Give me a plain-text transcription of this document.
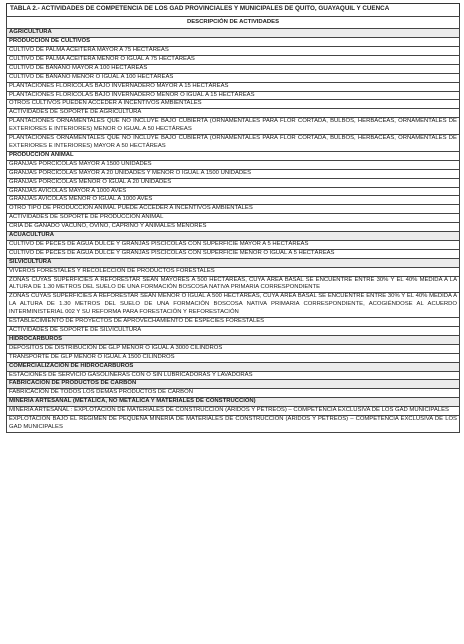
TABLA 2.- ACTIVIDADES DE COMPETENCIA DE LOS GAD PROVINCIALES Y MUNICIPALES DE QUITO, GUAYAQUIL Y CUENCA
DESCRIPCIÓN DE ACTIVIDADES
AGRICULTURA
PRODUCCIÓN DE CULTIVOS
CULTIVO DE PALMA ACEITERA MAYOR A 75 HECTÁREAS
CULTIVO DE PALMA ACEITERA MENOR O IGUAL A 75 HECTÁREAS
CULTIVO DE BANANO MAYOR A 100 HECTÁREAS
CULTIVO DE BANANO MENOR O IGUAL A 100 HECTÁREAS
PLANTACIONES FLORÍCOLAS BAJO INVERNADERO MAYOR A 15 HECTÁREAS
PLANTACIONES FLORÍCOLAS BAJO INVERNADERO MENOR O IGUAL A 15 HECTÁREAS
OTROS CULTIVOS PUEDEN ACCEDER A INCENTIVOS AMBIENTALES
ACTIVIDADES DE SOPORTE DE AGRICULTURA
PLANTACIONES ORNAMENTALES QUE NO INCLUYE BAJO CUBIERTA (ORNAMENTALES PARA FLOR CORTADA, BULBOS, HERBÁCEAS, ORNAMENTALES DE EXTERIORES E INTERIORES) MENOR O IGUAL A 50 HECTÁREAS
PLANTACIONES ORNAMENTALES QUE NO INCLUYE BAJO CUBIERTA (ORNAMENTALES PARA FLOR CORTADA, BULBOS, HERBÁCEAS, ORNAMENTALES DE EXTERIORES E INTERIORES) MAYOR A 50 HECTÁREAS
PRODUCCIÓN ANIMAL
GRANJAS PORCÍCOLAS MAYOR A 1500 UNIDADES
GRANJAS PORCÍCOLAS MAYOR A 20 UNIDADES Y MENOR O IGUAL A 1500 UNIDADES
GRANJAS PORCÍCOLAS MENOR O IGUAL A 20 UNIDADES
GRANJAS AVÍCOLAS MAYOR A 1000 AVES
GRANJAS AVÍCOLAS MENOR O IGUAL A 1000 AVES
OTRO TIPO DE PRODUCCIÓN ANIMAL PUEDE ACCEDER A INCENTIVOS AMBIENTALES
ACTIVIDADES DE SOPORTE DE PRODUCCIÓN ANIMAL
CRÍA DE GANADO VACUNO, OVINO, CAPRINO Y ANIMALES MENORES
ACUACULTURA
CULTIVO DE PECES DE AGUA DULCE Y GRANJAS PISCÍCOLAS CON SUPERFICIE MAYOR A 5 HECTÁREAS
CULTIVO DE PECES DE AGUA DULCE Y GRANJAS PISCÍCOLAS CON SUPERFICIE MENOR O IGUAL A 5 HECTÁREAS
SILVICULTURA
VIVEROS FORESTALES Y RECOLECCIÓN DE PRODUCTOS FORESTALES
ZONAS CUYAS SUPERFICIES A REFORESTAR SEAN MAYORES A 500 HECTÁREAS, CUYA ÁREA BASAL SE ENCUENTRE ENTRE 30% Y EL 40% MEDIDA A LA ALTURA DE 1.30 METROS DEL SUELO DE UNA FORMACIÓN BOSCOSA NATIVA PRIMARIA CORRESPONDIENTE
ZONAS CUYAS SUPERFICIES A REFORESTAR SEAN MENOR O IGUAL A 500 HECTÁREAS, CUYA ÁREA BASAL SE ENCUENTRE ENTRE 30% Y EL 40% MEDIDA A LA ALTURA DE 1.30 METROS DEL SUELO DE UNA FORMACIÓN BOSCOSA NATIVA PRIMARIA CORRESPONDIENTE, ACOGIÉNDOSE AL ACUERDO INTERMINISTERIAL 002 Y SU REFORMA PARA FORESTACIÓN Y REFORESTACIÓN
ESTABLECIMIENTO DE PROYECTOS DE APROVECHAMIENTO DE ESPECIES FORESTALES
ACTIVIDADES DE SOPORTE DE SILVICULTURA
HIDROCARBUROS
DEPÓSITOS DE DISTRIBUCIÓN DE GLP MENOR O IGUAL A 3000 CILINDROS
TRANSPORTE DE GLP MENOR O IGUAL A 1500 CILINDROS
COMERCIALIZACIÓN DE HIDROCARBUROS
ESTACIONES DE SERVICIO GASOLINERAS CON O SIN LUBRICADORAS Y LAVADORAS
FABRICACIÓN DE PRODUCTOS DE CARBÓN
FABRICACIÓN DE TODOS LOS DEMÁS PRODUCTOS DE CARBÓN
MINERÍA ARTESANAL (METÁLICA, NO METÁLICA Y MATERIALES DE CONSTRUCCIÓN)
MINERÍA ARTESANAL : EXPLOTACIÓN DE MATERIALES DE CONSTRUCCIÓN (ÁRIDOS Y PÉTREOS) – COMPETENCIA EXCLUSIVA DE LOS GAD MUNICIPALES
EXPLOTACIÓN BAJO EL RÉGIMEN DE PEQUEÑA MINERIA DE MATERIALES DE CONSTRUCCIÓN (ÁRIDOS Y PÉTREOS) – COMPETENCIA EXCLUSIVA DE LOS GAD MUNICIPALES
